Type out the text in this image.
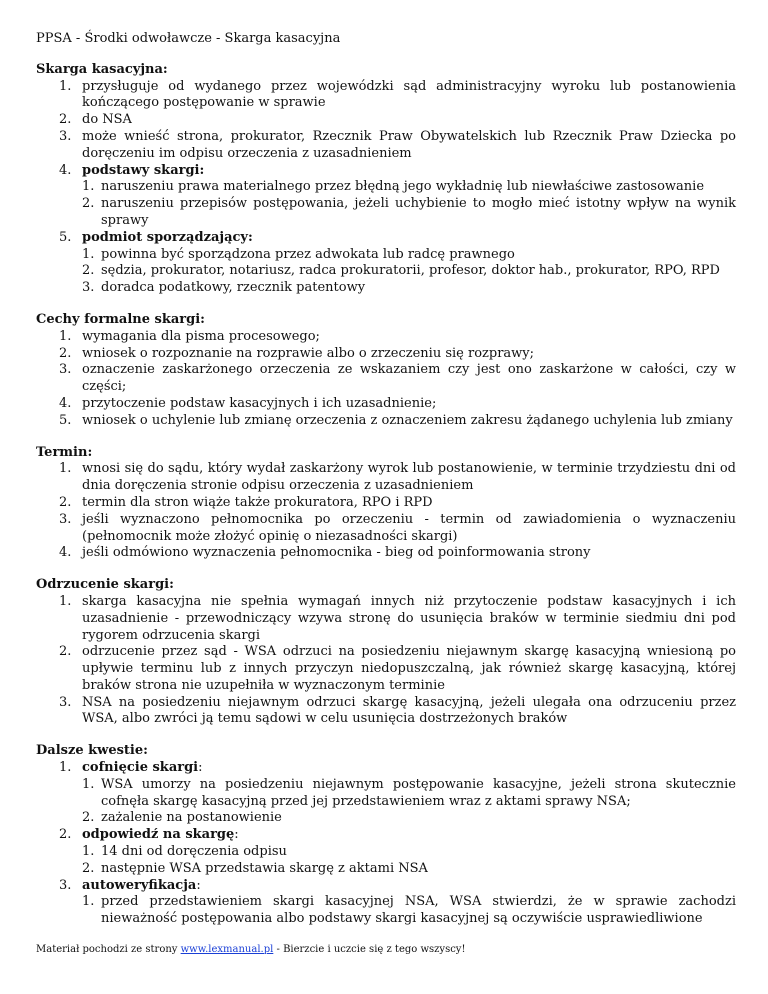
PPSA - Środki odwoławcze - Skarga kasacyjna
Skarga kasacyjna:
1. przysługuje od wydanego przez wojewódzki sąd administracyjny wyroku lub postanowienia kończącego postępowanie w sprawie
2. do NSA
3. może wnieść strona, prokurator, Rzecznik Praw Obywatelskich lub Rzecznik Praw Dziecka po doręczeniu im odpisu orzeczenia z uzasadnieniem
4. podstawy skargi:
1. naruszeniu prawa materialnego przez błędną jego wykładnię lub niewłaściwe zastosowanie
2. naruszeniu przepisów postępowania, jeżeli uchybienie to mogło mieć istotny wpływ na wynik sprawy
5. podmiot sporządzający:
1. powinna być sporządzona przez adwokata lub radcę prawnego
2. sędzia, prokurator, notariusz, radca prokuratorii, profesor, doktor hab., prokurator, RPO, RPD
3. doradca podatkowy, rzecznik patentowy
Cechy formalne skargi:
1. wymagania dla pisma procesowego;
2. wniosek o rozpoznanie na rozprawie albo o zrzeczeniu się rozprawy;
3. oznaczenie zaskarżonego orzeczenia ze wskazaniem czy jest ono zaskarżone w całości, czy w części;
4. przytoczenie podstaw kasacyjnych i ich uzasadnienie;
5. wniosek o uchylenie lub zmianę orzeczenia z oznaczeniem zakresu żądanego uchylenia lub zmiany
Termin:
1. wnosi się do sądu, który wydał zaskarżony wyrok lub postanowienie, w terminie trzydziestu dni od dnia doręczenia stronie odpisu orzeczenia z uzasadnieniem
2. termin dla stron wiąże także prokuratora, RPO i RPD
3. jeśli wyznaczono pełnomocnika po orzeczeniu - termin od zawiadomienia o wyznaczeniu (pełnomocnik może złożyć opinię o niezasadności skargi)
4. jeśli odmówiono wyznaczenia pełnomocnika - bieg od poinformowania strony
Odrzucenie skargi:
1. skarga kasacyjna nie spełnia wymagań innych niż przytoczenie podstaw kasacyjnych i ich uzasadnienie - przewodniczący wzywa stronę do usunięcia braków w terminie siedmiu dni pod rygorem odrzucenia skargi
2. odrzucenie przez sąd - WSA odrzuci na posiedzeniu niejawnym skargę kasacyjną wniesioną po upływie terminu lub z innych przyczyn niedopuszczalną, jak również skargę kasacyjną, której braków strona nie uzupełniła w wyznaczonym terminie
3. NSA na posiedzeniu niejawnym odrzuci skargę kasacyjną, jeżeli ulegała ona odrzuceniu przez WSA, albo zwróci ją temu sądowi w celu usunięcia dostrzeżonych braków
Dalsze kwestie:
1. cofnięcie skargi:
1. WSA umorzy na posiedzeniu niejawnym postępowanie kasacyjne, jeżeli strona skutecznie cofnęła skargę kasacyjną przed jej przedstawieniem wraz z aktami sprawy NSA;
2. zażalenie na postanowienie
2. odpowiedź na skargę:
1. 14 dni od doręczenia odpisu
2. następnie WSA przedstawia skargę z aktami NSA
3. autoweryfikacja:
1. przed przedstawieniem skargi kasacyjnej NSA, WSA stwierdzi, że w sprawie zachodzi nieważność postępowania albo podstawy skargi kasacyjnej są oczywiście usprawiedliwione
Materiał pochodzi ze strony www.lexmanual.pl - Bierzcie i uczcie się z tego wszyscy!
